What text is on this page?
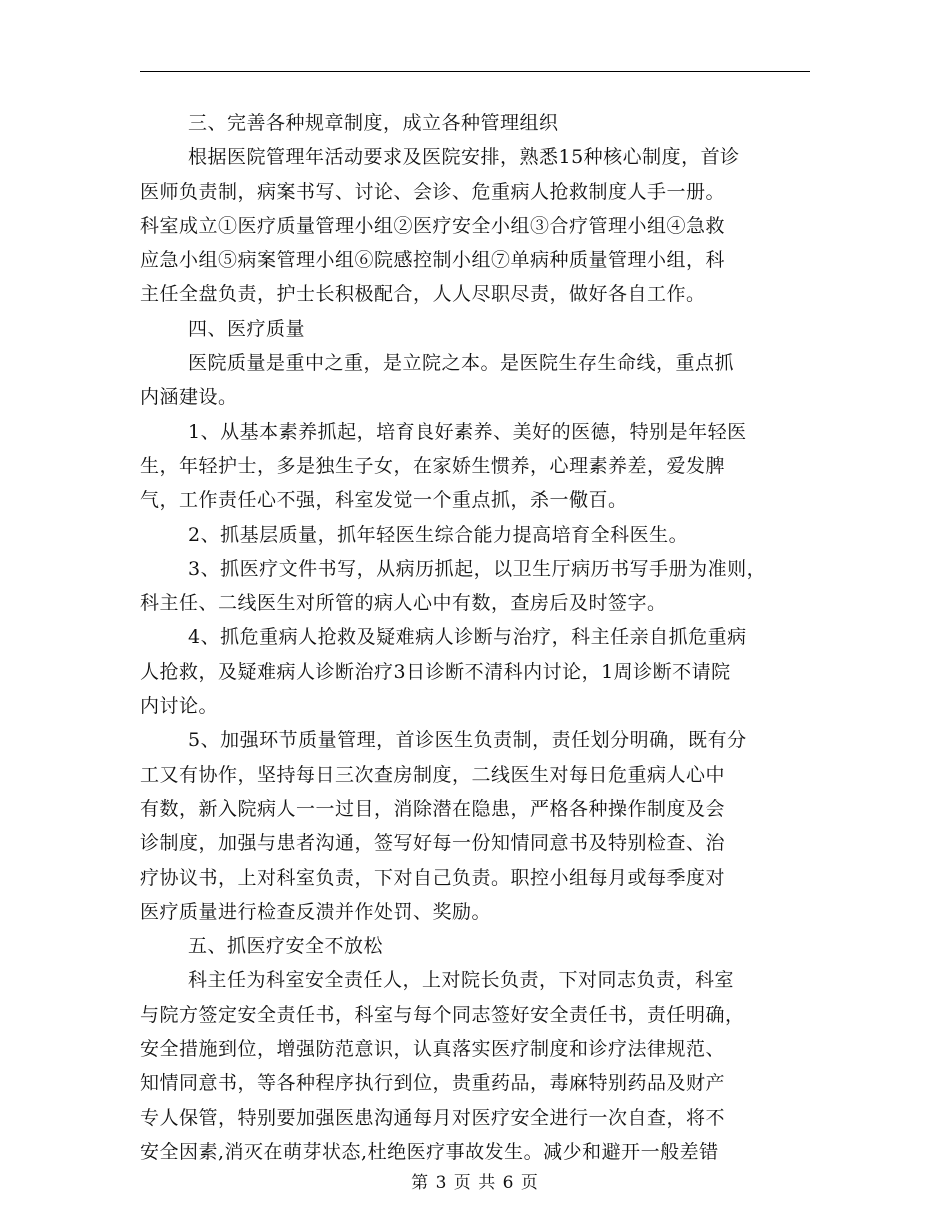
三、完善各种规章制度，成立各种管理组织
根据医院管理年活动要求及医院安排，熟悉15种核心制度，首诊
医师负责制，病案书写、讨论、会诊、危重病人抢救制度人手一册。
科室成立①医疗质量管理小组②医疗安全小组③合疗管理小组④急救
应急小组⑤病案管理小组⑥院感控制小组⑦单病种质量管理小组，科
主任全盘负责，护士长积极配合，人人尽职尽责，做好各自工作。
四、医疗质量
医院质量是重中之重，是立院之本。是医院生存生命线，重点抓
内涵建设。
1、从基本素养抓起，培育良好素养、美好的医德，特别是年轻医
生，年轻护士，多是独生子女，在家娇生惯养，心理素养差，爱发脾
气，工作责任心不强，科室发觉一个重点抓，杀一儆百。
2、抓基层质量，抓年轻医生综合能力提高培育全科医生。
3、抓医疗文件书写，从病历抓起，以卫生厅病历书写手册为准则，
科主任、二线医生对所管的病人心中有数，查房后及时签字。
4、抓危重病人抢救及疑难病人诊断与治疗，科主任亲自抓危重病
人抢救，及疑难病人诊断治疗3日诊断不清科内讨论，1周诊断不请院
内讨论。
5、加强环节质量管理，首诊医生负责制，责任划分明确，既有分
工又有协作，坚持每日三次查房制度，二线医生对每日危重病人心中
有数，新入院病人一一过目，消除潜在隐患，严格各种操作制度及会
诊制度，加强与患者沟通，签写好每一份知情同意书及特别检查、治
疗协议书，上对科室负责，下对自己负责。职控小组每月或每季度对
医疗质量进行检查反溃并作处罚、奖励。
五、抓医疗安全不放松
科主任为科室安全责任人，上对院长负责，下对同志负责，科室
与院方签定安全责任书，科室与每个同志签好安全责任书，责任明确，
安全措施到位，增强防范意识，认真落实医疗制度和诊疗法律规范、
知情同意书，等各种程序执行到位，贵重药品，毒麻特别药品及财产
专人保管，特别要加强医患沟通每月对医疗安全进行一次自查，将不
安全因素,消灭在萌芽状态,杜绝医疗事故发生。减少和避开一般差错
第 3 页 共 6 页
